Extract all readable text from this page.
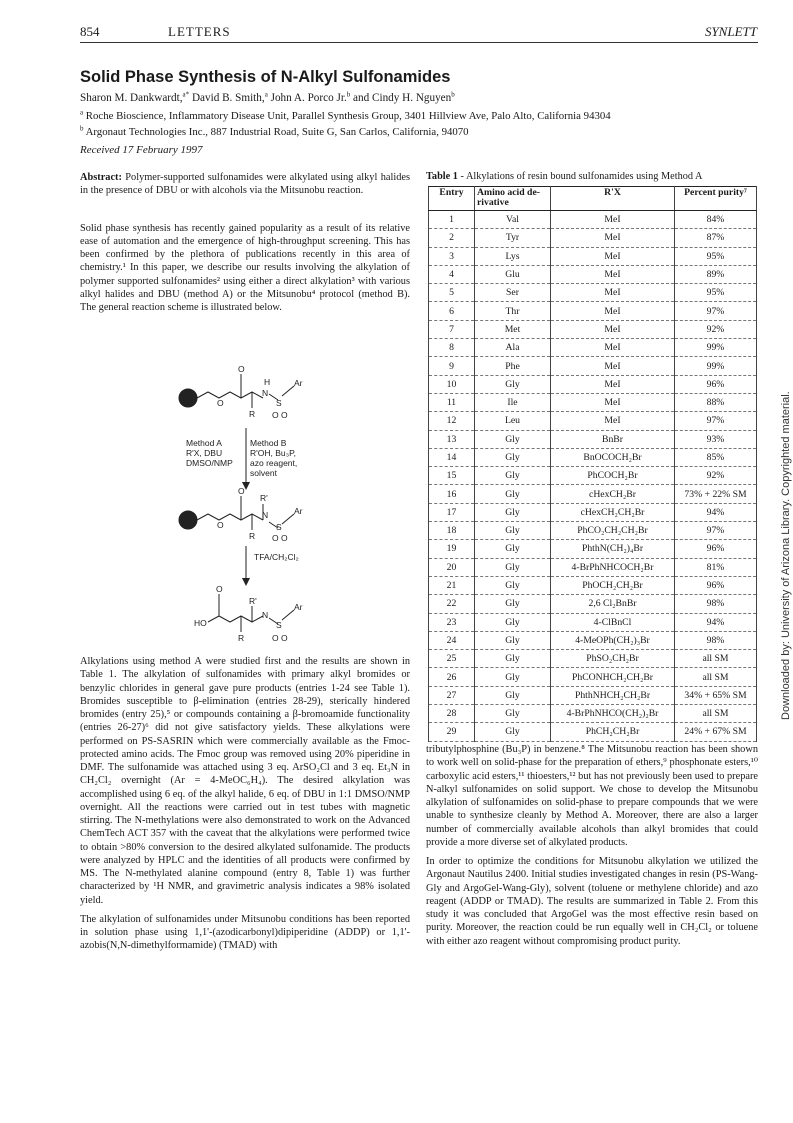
854	LETTERS	SYNLETT
Solid Phase Synthesis of N-Alkyl Sulfonamides
Sharon M. Dankwardt,$^{a*}$ David B. Smith,$^a$ John A. Porco Jr.$^b$ and Cindy H. Nguyen$^b$
$^a$ Roche Bioscience, Inflammatory Disease Unit, Parallel Synthesis Group, 3401 Hillview Ave, Palo Alto, California 94304
$^b$ Argonaut Technologies Inc., 887 Industrial Road, Suite G, San Carlos, California, 94070
Received 17 February 1997

Abstract: Polymer-supported sulfonamides were alkylated using alkyl halides in the presence of DBU or with alcohols via the Mitsunobu reaction.

Solid phase synthesis has recently gained popularity as a result of its relative ease of automation and the emergence of high-throughput screening. This has been confirmed by the plethora of publications recently in this area of chemistry.¹ In this paper, we describe our results involving the alkylation of polymer supported sulfonamides² using either a direct alkylation³ with various alkyl halides and DBU (method A) or the Mitsunobu⁴ protocol (method B). The general reaction scheme is illustrated below.

O
O
H
N
S
Ar
R O O
Method A
R'X, DBU
DMSO/NMP
Method B
R'OH, Bu₃P,
azo reagent,
solvent
O
O
R'
N
S
Ar
R O O
TFA/CH₂Cl₂
O
HO
R'
N
S
Ar
R	O O

Alkylations using method A were studied first and the results are shown in Table 1. The alkylation of sulfonamides with primary alkyl bromides or benzylic chlorides in general gave pure products (entries 1-24 see Table 1). Bromides susceptible to β-elimination (entries 28-29), sterically hindered bromides (entry 25),⁵ or compounds containing a β-bromoamide functionality (entries 26-27)⁶ did not give satisfactory yields. These alkylations were performed on PS-SASRIN which were commercially available as the Fmoc-protected amino acids. The Fmoc group was removed using 20% piperidine in DMF. The sulfonamide was attached using 3 eq. ArSO₂Cl and 3 eq. Et₃N in CH₂Cl₂ overnight (Ar = 4-MeOC₆H₄). The desired alkylation was accomplished using 6 eq. of the alkyl halide, 6 eq. of DBU in 1:1 DMSO/NMP overnight. All the reactions were carried out in test tubes with magnetic stirring. The N-methylations were also demonstrated to work on the Advanced ChemTech ACT 357 with the caveat that the alkylations were performed twice to obtain >80% conversion to the desired alkylated sulfonamide. The products were analyzed by HPLC and the identities of all products were confirmed by MS. The N-methylated alanine compound (entry 8, Table 1) was further characterized by ¹H NMR, and gravimetric analysis indicates a 98% isolated yield.

The alkylation of sulfonamides under Mitsunobu conditions has been reported in solution phase using 1,1'-(azodicarbonyl)dipiperidine (ADDP) or 1,1'-azobis(N,N-dimethylformamide) (TMAD) with

Table 1 - Alkylations of resin bound sulfonamides using Method A
Entry	Amino acid de-rivative	R'X	Percent purity⁷
1	Val	MeI	84%
2	Tyr	MeI	87%
3	Lys	MeI	95%
4	Glu	MeI	89%
5	Ser	MeI	95%
6	Thr	MeI	97%
7	Met	MeI	92%
8	Ala	MeI	99%
9	Phe	MeI	99%
10	Gly	MeI	96%
11	Ile	MeI	88%
12	Leu	MeI	97%
13	Gly	BnBr	93%
14	Gly	BnOCOCH₂Br	85%
15	Gly	PhCOCH₂Br	92%
16	Gly	cHexCH₂Br	73% + 22% SM
17	Gly	cHexCH₂CH₂Br	94%
18	Gly	PhCO₂CH₂CH₂Br	97%
19	Gly	PhthN(CH₂)₄Br	96%
20	Gly	4-BrPhNHCOCH₂Br	81%
21	Gly	PhOCH₂CH₂Br	96%
22	Gly	2,6 Cl₂BnBr	98%
23	Gly	4-ClBnCl	94%
24	Gly	4-MeOPh(CH₂)₃Br	98%
25	Gly	PhSO₂CH₂Br	all SM
26	Gly	PhCONHCH₂CH₂Br	all SM
27	Gly	PhthNHCH₂CH₂Br	34% + 65% SM
28	Gly	4-BrPhNHCO(CH₂)₂Br	all SM
29	Gly	PhCH₂CH₂Br	24% + 67% SM

tributylphosphine (Bu₃P) in benzene.⁸ The Mitsunobu reaction has been shown to work well on solid-phase for the preparation of ethers,⁹ phosphonate esters,¹⁰ carboxylic acid esters,¹¹ thioesters,¹² but has not previously been used to prepare N-alkyl sulfonamides on solid support. We chose to develop the Mitsunobu alkylation of sulfonamides on solid-phase to prepare compounds that we were unable to synthesize cleanly by Method A. Moreover, there are also a larger number of commercially available alcohols than alkyl bromides that could provide a more diverse set of alkylated products.

In order to optimize the conditions for Mitsunobu alkylation we utilized the Argonaut Nautilus 2400. Initial studies investigated changes in resin (PS-Wang-Gly and ArgoGel-Wang-Gly), solvent (toluene or methylene chloride) and azo reagent (ADDP or TMAD). The results are summarized in Table 2. From this study it was concluded that ArgoGel was the most effective resin based on purity. Moreover, the reaction could be run equally well in CH₂Cl₂ or toluene with either azo reagent without compromising product purity.

Downloaded by: University of Arizona Library. Copyrighted material.
